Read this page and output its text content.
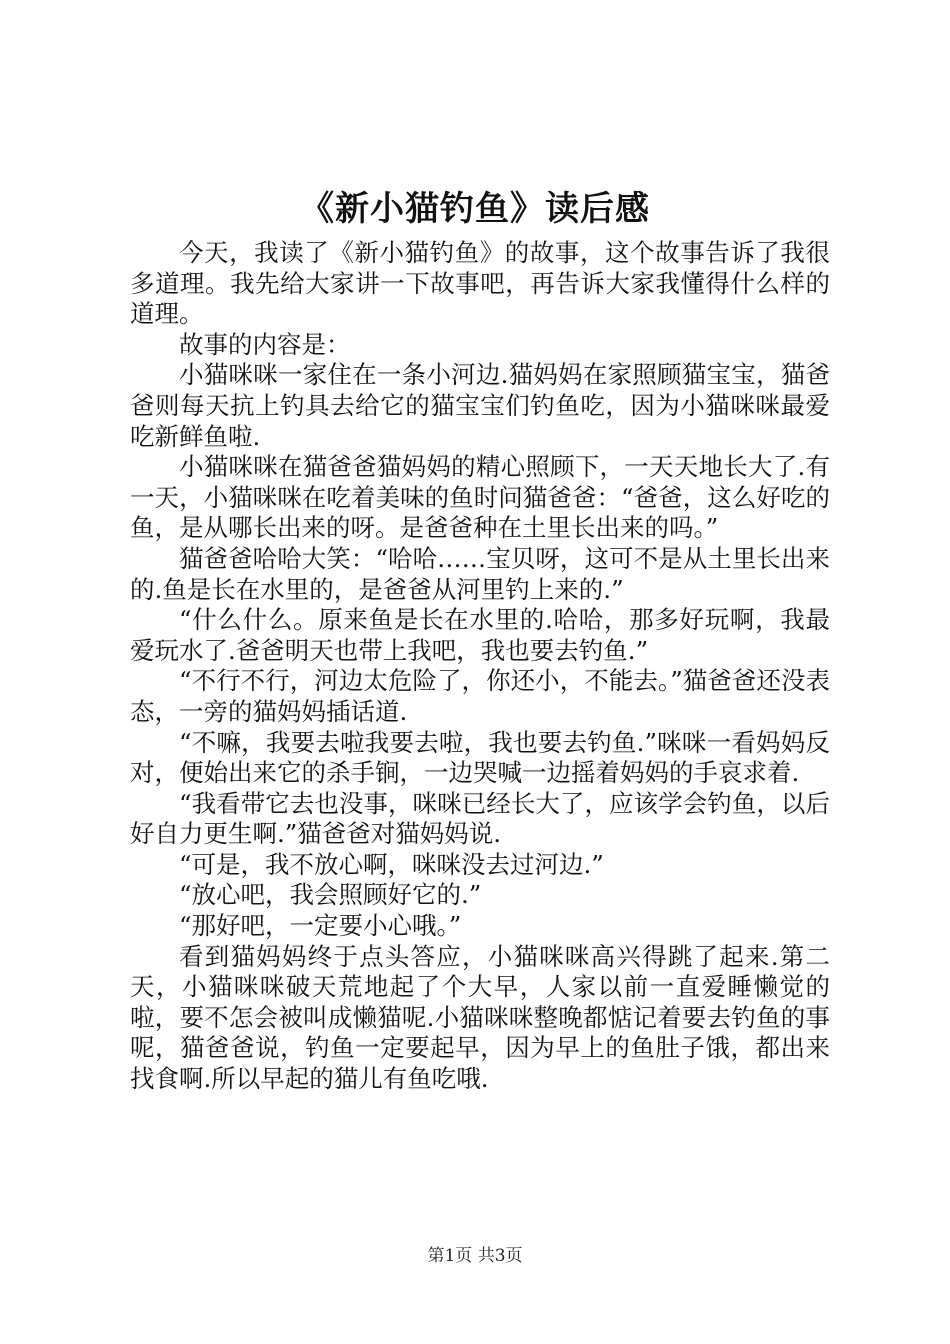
《新小猫钓鱼》读后感

今天，我读了《新小猫钓鱼》的故事，这个故事告诉了我很多道理。我先给大家讲一下故事吧，再告诉大家我懂得什么样的道理。

故事的内容是：

小猫咪咪一家住在一条小河边.猫妈妈在家照顾猫宝宝，猫爸爸则每天抗上钓具去给它的猫宝宝们钓鱼吃，因为小猫咪咪最爱吃新鲜鱼啦.

小猫咪咪在猫爸爸猫妈妈的精心照顾下，一天天地长大了.有一天，小猫咪咪在吃着美味的鱼时问猫爸爸：“爸爸，这么好吃的鱼，是从哪长出来的呀。是爸爸种在土里长出来的吗。”

猫爸爸哈哈大笑：“哈哈……宝贝呀，这可不是从土里长出来的.鱼是长在水里的，是爸爸从河里钓上来的.”

“什么什么。原来鱼是长在水里的.哈哈，那多好玩啊，我最爱玩水了.爸爸明天也带上我吧，我也要去钓鱼.”

“不行不行，河边太危险了，你还小，不能去。”猫爸爸还没表态，一旁的猫妈妈插话道.

“不嘛，我要去啦我要去啦，我也要去钓鱼.”咪咪一看妈妈反对，便始出来它的杀手锏，一边哭喊一边摇着妈妈的手哀求着.

“我看带它去也没事，咪咪已经长大了，应该学会钓鱼，以后好自力更生啊.”猫爸爸对猫妈妈说.

“可是，我不放心啊，咪咪没去过河边.”

“放心吧，我会照顾好它的.”

“那好吧，一定要小心哦。”

看到猫妈妈终于点头答应，小猫咪咪高兴得跳了起来.第二天，小猫咪咪破天荒地起了个大早，人家以前一直爱睡懒觉的啦，要不怎会被叫成懒猫呢.小猫咪咪整晚都惦记着要去钓鱼的事呢，猫爸爸说，钓鱼一定要起早，因为早上的鱼肚子饿，都出来找食啊.所以早起的猫儿有鱼吃哦.

第1页 共3页
